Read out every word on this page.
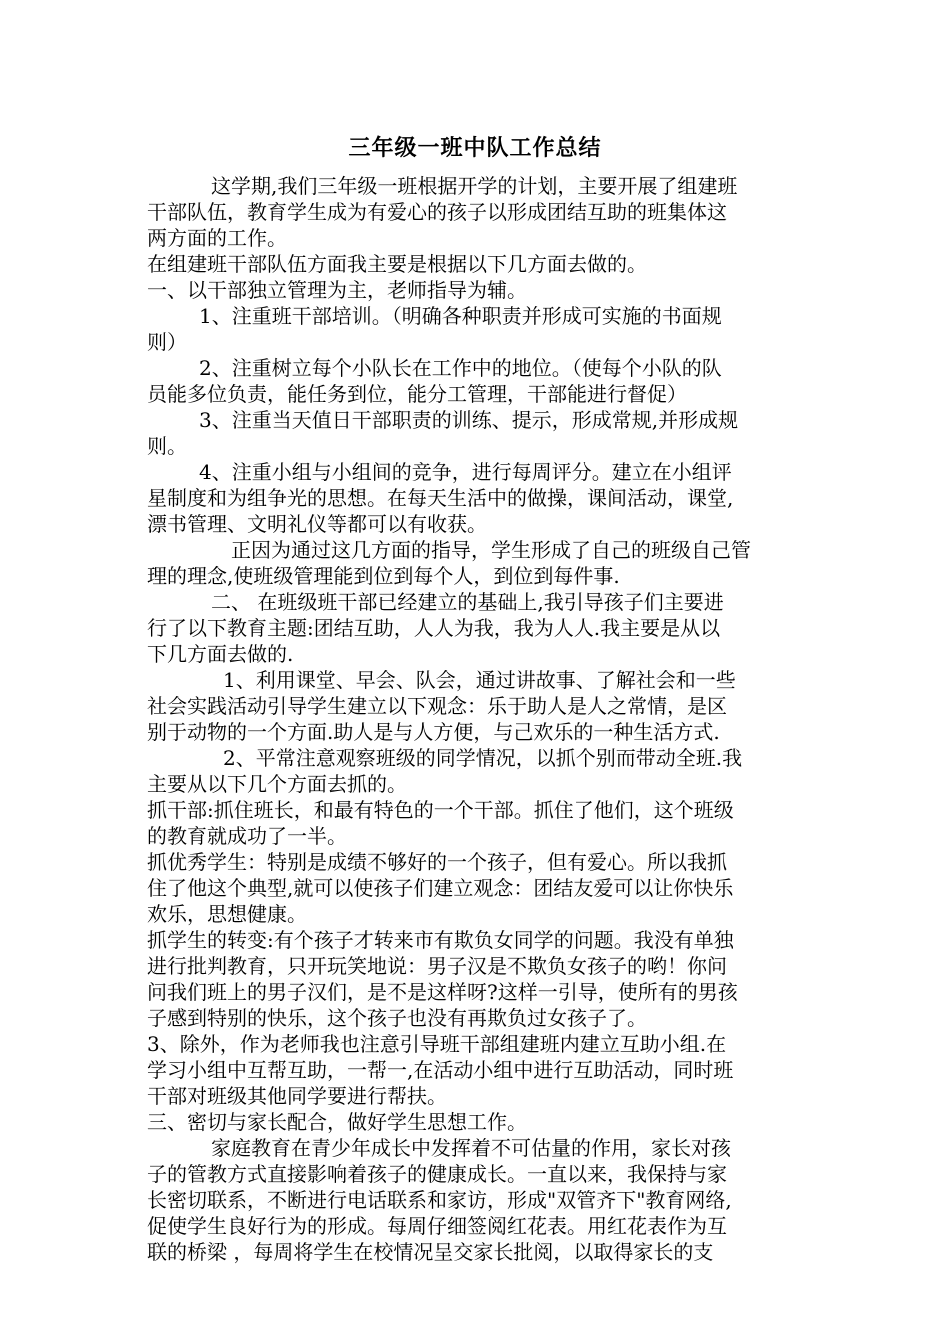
三年级一班中队工作总结
这学期,我们三年级一班根据开学的计划，主要开展了组建班
干部队伍，教育学生成为有爱心的孩子以形成团结互助的班集体这
两方面的工作。
在组建班干部队伍方面我主要是根据以下几方面去做的。
一、以干部独立管理为主，老师指导为辅。
1、注重班干部培训。（明确各种职责并形成可实施的书面规
则）
2、注重树立每个小队长在工作中的地位。（使每个小队的队
员能多位负责，能任务到位，能分工管理，干部能进行督促）
3、注重当天值日干部职责的训练、提示，形成常规,并形成规
则。
4、注重小组与小组间的竞争，进行每周评分。建立在小组评
星制度和为组争光的思想。在每天生活中的做操，课间活动，课堂,
漂书管理、文明礼仪等都可以有收获。
正因为通过这几方面的指导，学生形成了自己的班级自己管
理的理念,使班级管理能到位到每个人，到位到每件事.
二、 在班级班干部已经建立的基础上,我引导孩子们主要进
行了以下教育主题:团结互助，人人为我，我为人人.我主要是从以
下几方面去做的.
1、利用课堂、早会、队会，通过讲故事、了解社会和一些
社会实践活动引导学生建立以下观念：乐于助人是人之常情，是区
别于动物的一个方面.助人是与人方便，与己欢乐的一种生活方式.
2、平常注意观察班级的同学情况，以抓个别而带动全班.我
主要从以下几个方面去抓的。
抓干部:抓住班长，和最有特色的一个干部。抓住了他们，这个班级
的教育就成功了一半。
抓优秀学生：特别是成绩不够好的一个孩子，但有爱心。所以我抓
住了他这个典型,就可以使孩子们建立观念：团结友爱可以让你快乐
欢乐，思想健康。
抓学生的转变:有个孩子才转来市有欺负女同学的问题。我没有单独
进行批判教育，只开玩笑地说：男子汉是不欺负女孩子的哟！你问
问我们班上的男子汉们，是不是这样呀?这样一引导，使所有的男孩
子感到特别的快乐，这个孩子也没有再欺负过女孩子了。
3、除外，作为老师我也注意引导班干部组建班内建立互助小组.在
学习小组中互帮互助，一帮一,在活动小组中进行互助活动，同时班
干部对班级其他同学要进行帮扶。
三、密切与家长配合，做好学生思想工作。
家庭教育在青少年成长中发挥着不可估量的作用，家长对孩
子的管教方式直接影响着孩子的健康成长。一直以来，我保持与家
长密切联系，不断进行电话联系和家访，形成"双管齐下"教育网络,
促使学生良好行为的形成。每周仔细签阅红花表。用红花表作为互
联的桥梁 ，每周将学生在校情况呈交家长批阅，以取得家长的支
